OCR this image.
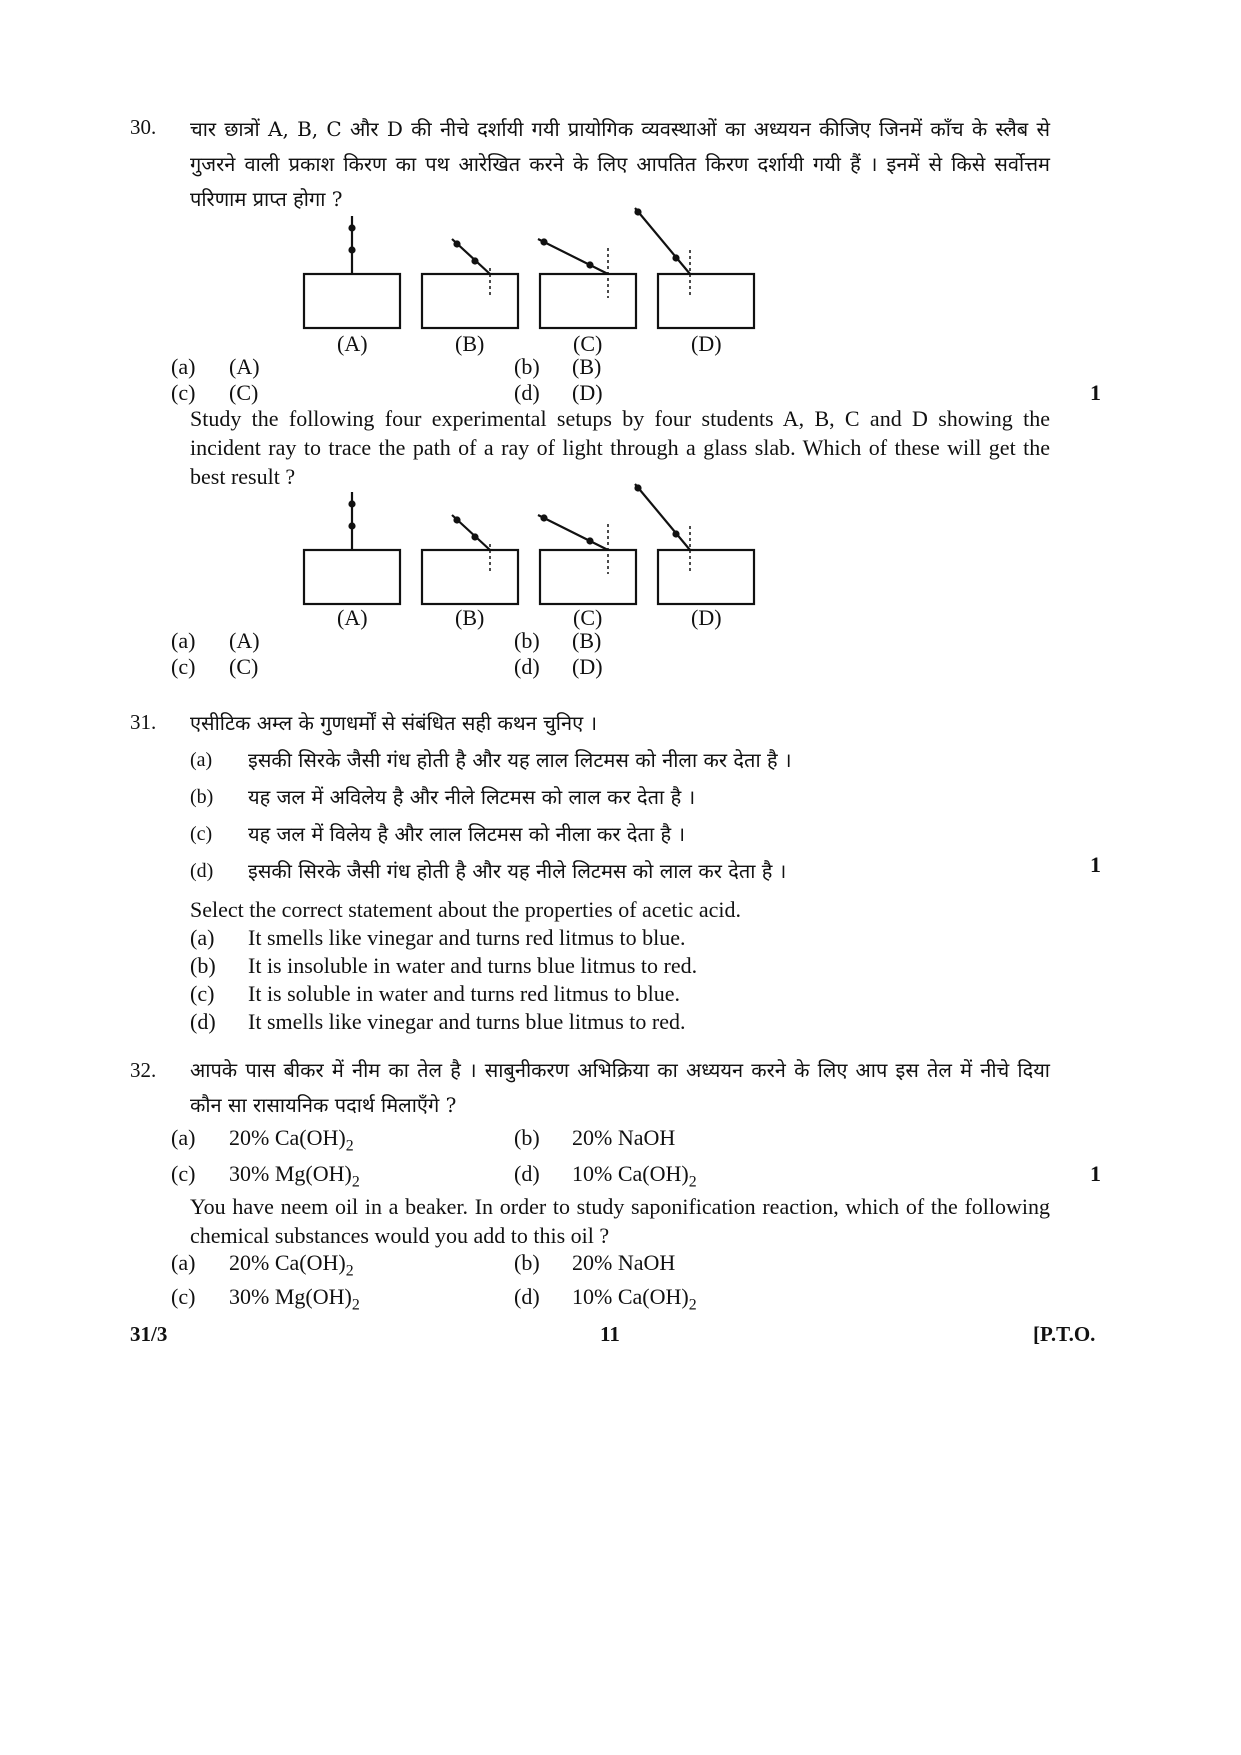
30. चार छात्रों A, B, C और D की नीचे दर्शायी गयी प्रायोगिक व्यवस्थाओं का अध्ययन कीजिए जिनमें काँच के स्लैब से गुजरने वाली प्रकाश किरण का पथ आरेखित करने के लिए आपतित किरण दर्शायी गयी हैं । इनमें से किसे सर्वोत्तम परिणाम प्राप्त होगा ?

(A)	(B)	(C)	(D)
(a) (A)	(b) (B)
(c) (C)	(d) (D)	1

Study the following four experimental setups by four students A, B, C and D showing the incident ray to trace the path of a ray of light through a glass slab. Which of these will get the best result ?

(A)	(B)	(C)	(D)
(a) (A)	(b) (B)
(c) (C)	(d) (D)
31. एसीटिक अम्ल के गुणधर्मों से संबंधित सही कथन चुनिए ।

(a) इसकी सिरके जैसी गंध होती है और यह लाल लिटमस को नीला कर देता है ।
(b) यह जल में अविलेय है और नीले लिटमस को लाल कर देता है ।
(c) यह जल में विलेय है और लाल लिटमस को नीला कर देता है ।
(d) इसकी सिरके जैसी गंध होती है और यह नीले लिटमस को लाल कर देता है ।

Select the correct statement about the properties of acetic acid.

(a) It smells like vinegar and turns red litmus to blue.
(b) It is insoluble in water and turns blue litmus to red.
(c) It is soluble in water and turns red litmus to blue.
(d) It smells like vinegar and turns blue litmus to red.
1
32. आपके पास बीकर में नीम का तेल है । साबुनीकरण अभिक्रिया का अध्ययन करने के लिए आप इस तेल में नीचे दिया कौन सा रासायनिक पदार्थ मिलाएँगे ?

(a) 20% $Ca(OH)_2$	(b) 20% NaOH
(c) 30% $Mg(OH)_2$	(d) 10% $Ca(OH)_2$	1

You have neem oil in a beaker. In order to study saponification reaction, which of the following chemical substances would you add to this oil ?

(a) 20% $Ca(OH)_2$	(b) 20% NaOH
(c) 30% $Mg(OH)_2$	(d) 10% $Ca(OH)_2$
31/3	11	[P.T.O.
